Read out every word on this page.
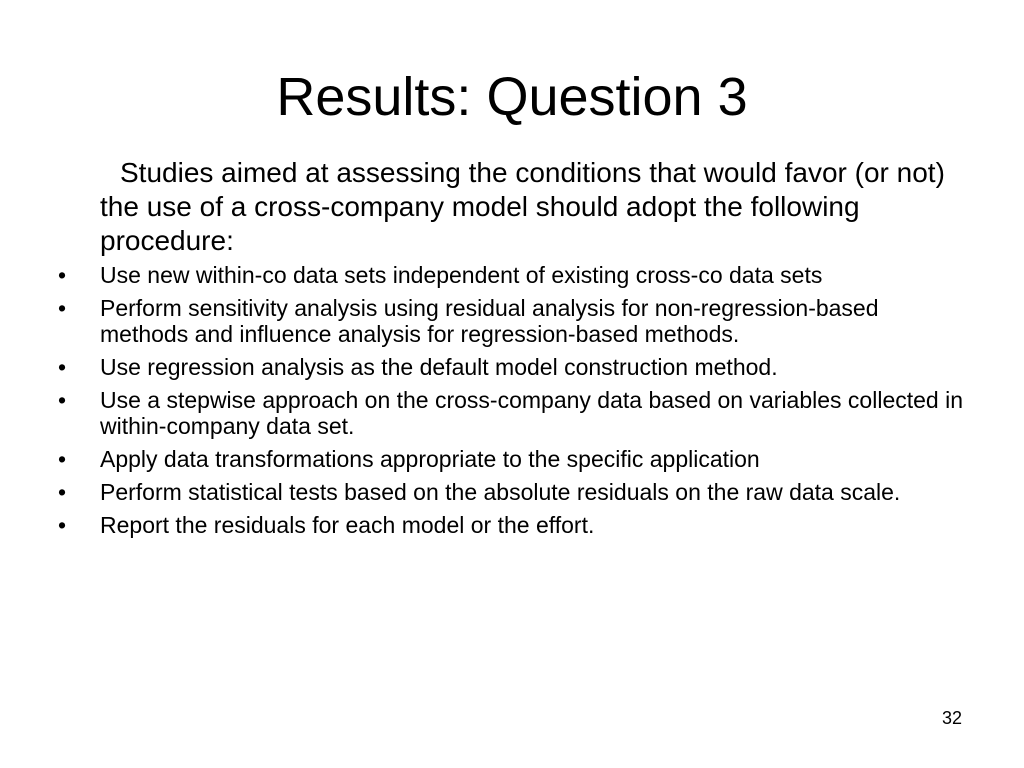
Results: Question 3

Studies aimed at assessing the conditions that would favor (or not) the use of a cross-company model should adopt the following procedure:

•	Use new within-co data sets independent of existing cross-co data sets
•	Perform sensitivity analysis using residual analysis for non-regression-based methods and influence analysis for regression-based methods.
•	Use regression analysis as the default model construction method.
•	Use a stepwise approach on the cross-company data based on variables collected in within-company data set.
•	Apply data transformations appropriate to the specific application
•	Perform statistical tests based on the absolute residuals on the raw data scale.
•	Report the residuals for each model or the effort.
32
